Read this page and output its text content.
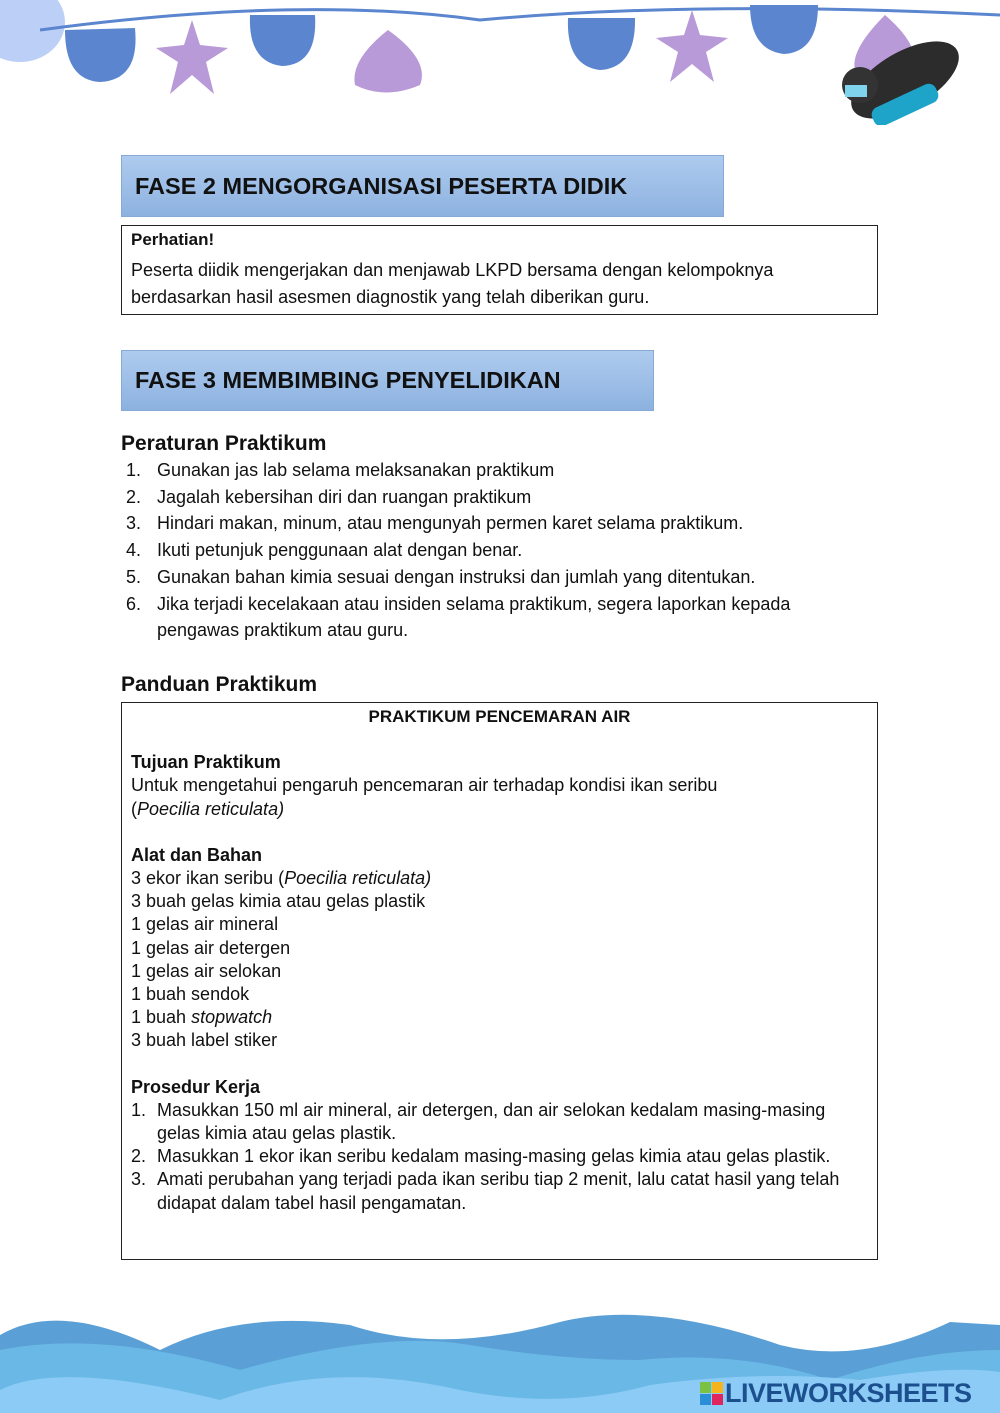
FASE 2 MENGORGANISASI PESERTA DIDIK
Perhatian!
Peserta diidik mengerjakan dan menjawab LKPD bersama dengan kelompoknya berdasarkan hasil asesmen diagnostik yang telah diberikan guru.
FASE 3 MEMBIMBING PENYELIDIKAN
Peraturan Praktikum
1. Gunakan jas lab selama melaksanakan praktikum
2. Jagalah kebersihan diri dan ruangan praktikum
3. Hindari makan, minum, atau mengunyah permen karet selama praktikum.
4. Ikuti petunjuk penggunaan alat dengan benar.
5. Gunakan bahan kimia sesuai dengan instruksi dan jumlah yang ditentukan.
6. Jika terjadi kecelakaan atau insiden selama praktikum, segera laporkan kepada pengawas praktikum atau guru.
Panduan Praktikum
PRAKTIKUM PENCEMARAN AIR
Tujuan Praktikum
Untuk mengetahui pengaruh pencemaran air terhadap kondisi ikan seribu
(Poecilia reticulata)
Alat dan Bahan
3 ekor ikan seribu (Poecilia reticulata)
3 buah gelas kimia atau gelas plastik
1 gelas air mineral
1 gelas air detergen
1 gelas air selokan
1 buah sendok
1 buah stopwatch
3 buah label stiker
Prosedur Kerja
1. Masukkan 150 ml air mineral, air detergen, dan air selokan kedalam masing-masing gelas kimia atau gelas plastik.
2. Masukkan 1 ekor ikan seribu kedalam masing-masing gelas kimia atau gelas plastik.
3. Amati perubahan yang terjadi pada ikan seribu tiap 2 menit, lalu catat hasil yang telah didapat dalam tabel hasil pengamatan.
LIVEWORKSHEETS
